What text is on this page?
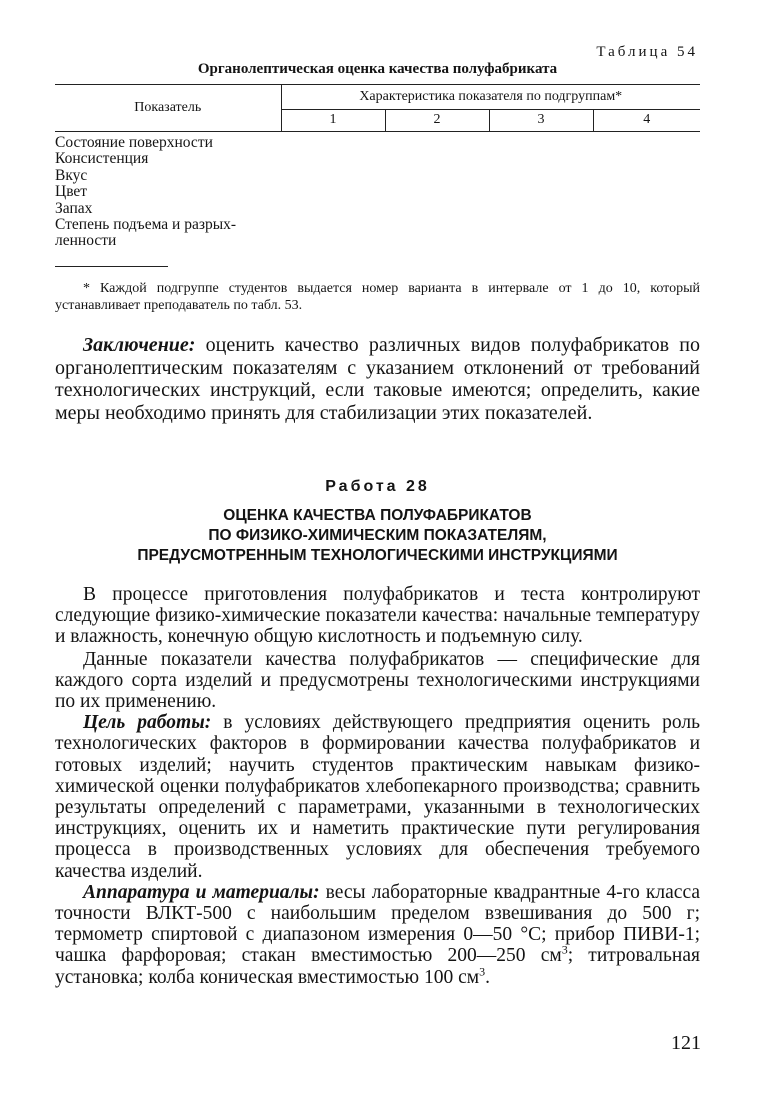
Таблица 54
Органолептическая оценка качества полуфабриката

Показатель	Характеристика показателя по подгруппам*			
	1	2	3	4
Состояние поверхности
Консистенция
Вкус
Цвет
Запах
Степень подъема и разрых-
ленности
* Каждой подгруппе студентов выдается номер варианта в интервале от 1 до 10, который устанавливает преподаватель по табл. 53.

Заключение: оценить качество различных видов полуфабрикатов по органолептическим показателям с указанием отклонений от требований технологических инструкций, если таковые имеются; определить, какие меры необходимо принять для стабилизации этих показателей.

Работа 28
ОЦЕНКА КАЧЕСТВА ПОЛУФАБРИКАТОВ
ПО ФИЗИКО-ХИМИЧЕСКИМ ПОКАЗАТЕЛЯМ,
ПРЕДУСМОТРЕННЫМ ТЕХНОЛОГИЧЕСКИМИ ИНСТРУКЦИЯМИ

В процессе приготовления полуфабрикатов и теста контролируют следующие физико-химические показатели качества: начальные температуру и влажность, конечную общую кислотность и подъемную силу.

Данные показатели качества полуфабрикатов — специфические для каждого сорта изделий и предусмотрены технологическими инструкциями по их применению.

Цель работы: в условиях действующего предприятия оценить роль технологических факторов в формировании качества полуфабрикатов и готовых изделий; научить студентов практическим навыкам физико-химической оценки полуфабрикатов хлебопекарного производства; сравнить результаты определений с параметрами, указанными в технологических инструкциях, оценить их и наметить практические пути регулирования процесса в производственных условиях для обеспечения требуемого качества изделий.

Аппаратура и материалы: весы лабораторные квадрантные 4-го класса точности ВЛКТ-500 с наибольшим пределом взвешивания до 500 г; термометр спиртовой с диапазоном измерения 0—50 °С; прибор ПИВИ-1; чашка фарфоровая; стакан вместимостью 200—250 $см^3$; титровальная установка; колба коническая вместимостью 100 $см^3$.

121
